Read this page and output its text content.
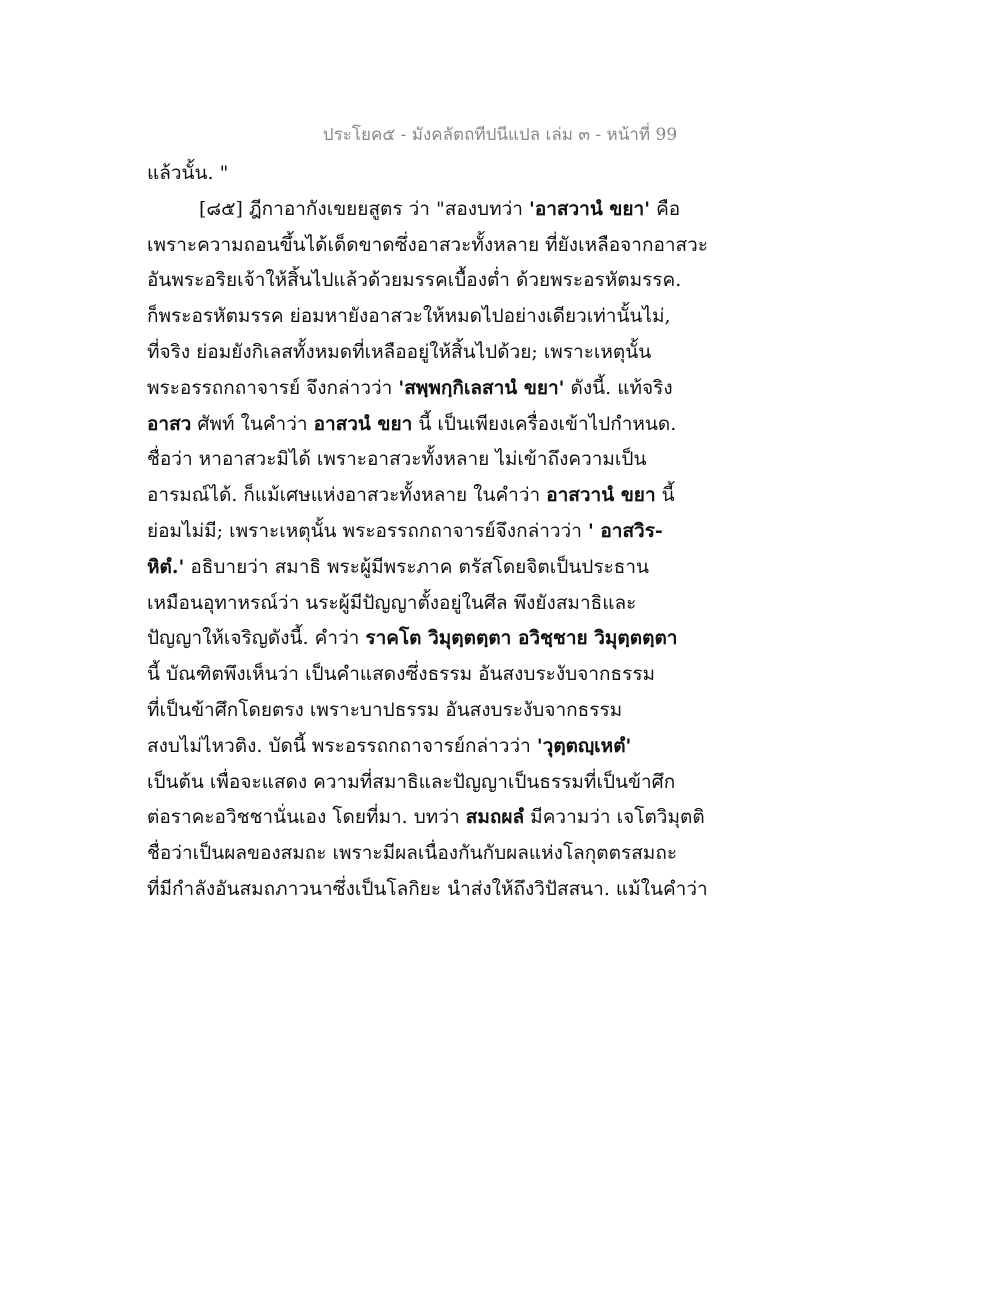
ประโยค๕ - มังคลัตถทีปนีแปล เล่ม ๓ - หน้าที่ 99
แล้วนั้น. "
[๘๕] ฎีกาอากังเขยยสูตร ว่า "สองบทว่า 'อาสวานํ ขยา' คือ
เพราะความถอนขึ้นได้เด็ดขาดซึ่งอาสวะทั้งหลาย ที่ยังเหลือจากอาสวะ
อันพระอริยเจ้าให้สิ้นไปแล้วด้วยมรรคเบื้องต่ำ ด้วยพระอรหัตมรรค.
ก็พระอรหัตมรรค ย่อมหายังอาสวะให้หมดไปอย่างเดียวเท่านั้นไม่,
ที่จริง ย่อมยังกิเลสทั้งหมดที่เหลืออยู่ให้สิ้นไปด้วย; เพราะเหตุนั้น
พระอรรถกถาจารย์ จึงกล่าวว่า 'สพฺพกฺกิเลสานํ ขยา' ดังนี้. แท้จริง
อาสว ศัพท์ ในคำว่า อาสวนํ ขยา นี้ เป็นเพียงเครื่องเข้าไปกำหนด.
ชื่อว่า หาอาสวะมิได้ เพราะอาสวะทั้งหลาย ไม่เข้าถึงความเป็น
อารมณ์ได้. ก็แม้เศษแห่งอาสวะทั้งหลาย ในคำว่า อาสวานํ ขยา นี้
ย่อมไม่มี; เพราะเหตุนั้น พระอรรถกถาจารย์จึงกล่าวว่า ' อาสวิร-
หิตํ.' อธิบายว่า สมาธิ พระผู้มีพระภาค ตรัสโดยจิตเป็นประธาน
เหมือนอุทาหรณ์ว่า นระผู้มีปัญญาตั้งอยู่ในศีล พึงยังสมาธิและ
ปัญญาให้เจริญดังนี้. คำว่า ราคโต วิมุตฺตตฺตา อวิชฺชาย วิมุตฺตตฺตา
นี้ บัณฑิตพึงเห็นว่า เป็นคำแสดงซึ่งธรรม อันสงบระงับจากธรรม
ที่เป็นข้าศึกโดยตรง เพราะบาปธรรม อันสงบระงับจากธรรม
สงบไม่ไหวติง. บัดนี้ พระอรรถกถาจารย์กล่าวว่า 'วุตฺตญฺเหตํ'
เป็นต้น เพื่อจะแสดง ความที่สมาธิและปัญญาเป็นธรรมที่เป็นข้าศึก
ต่อราคะอวิชชานั่นเอง โดยที่มา. บทว่า สมถผลํ มีความว่า เจโตวิมุตติ
ชื่อว่าเป็นผลของสมถะ เพราะมีผลเนื่องกันกับผลแห่งโลกุตตรสมถะ
ที่มีกำลังอันสมถภาวนาซึ่งเป็นโลกิยะ นำส่งให้ถึงวิปัสสนา. แม้ในคำว่า
